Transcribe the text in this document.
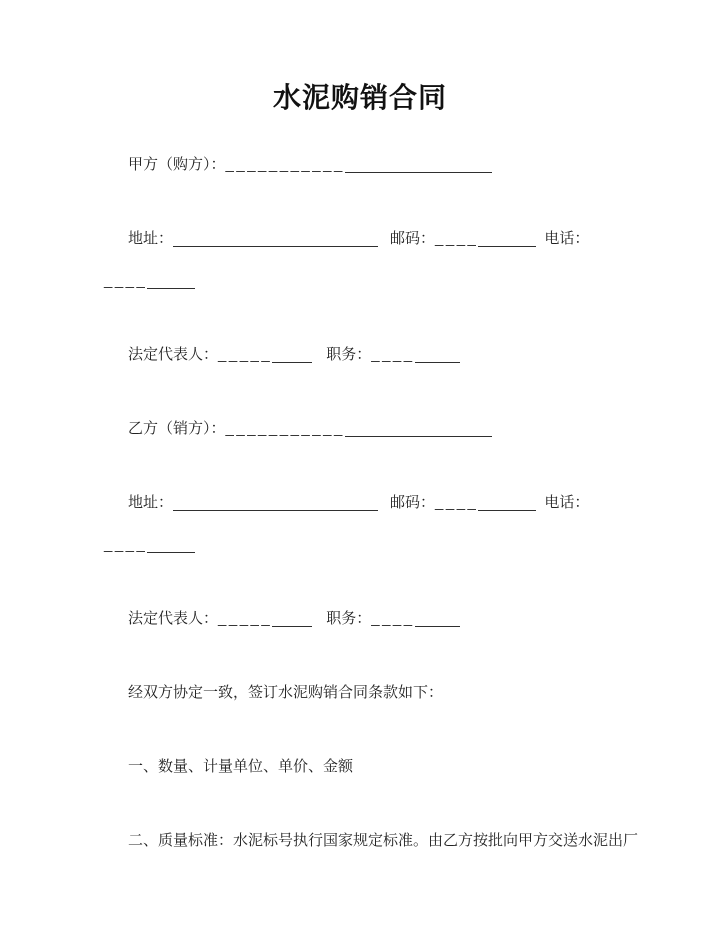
水泥购销合同
甲方（购方）：___________
地址：	邮码：____	电话：
____
法定代表人：_____	职务：____
乙方（销方）：___________
地址：	邮码：____	电话：
____
法定代表人：_____	职务：____
经双方协定一致，签订水泥购销合同条款如下：
一、数量、计量单位、单价、金额
二、质量标准：水泥标号执行国家规定标准。由乙方按批向甲方交送水泥出厂
